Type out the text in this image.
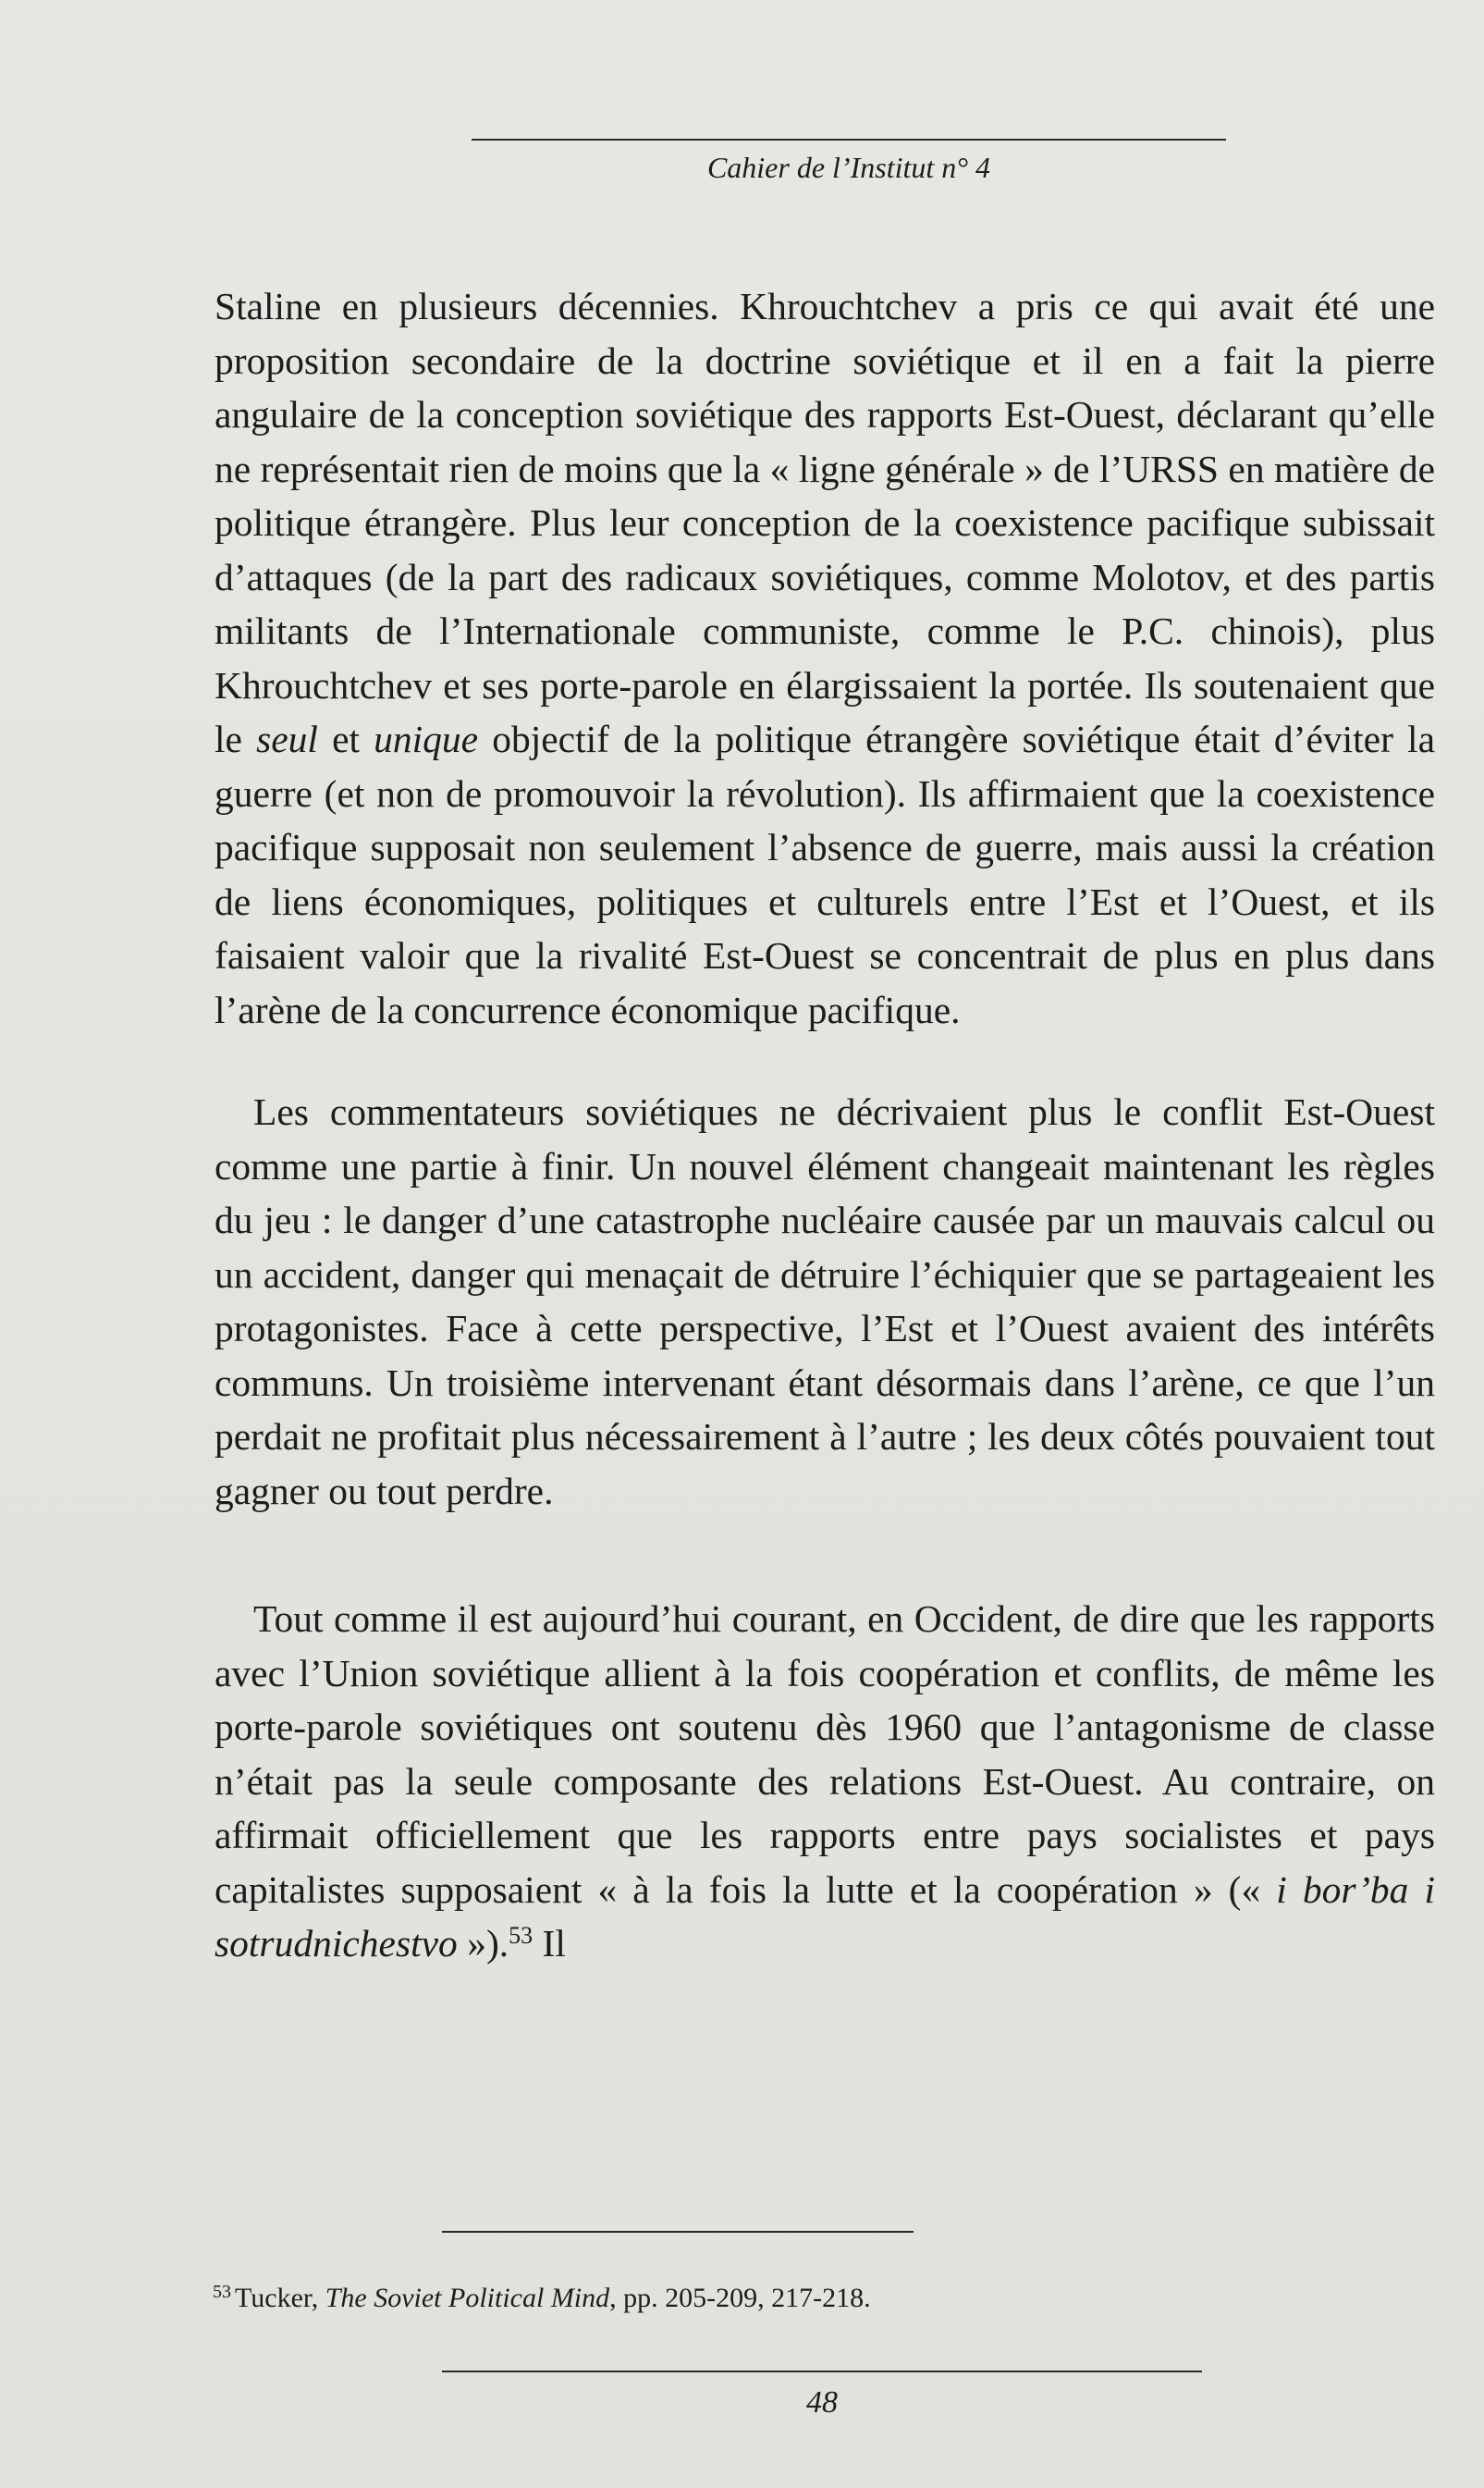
Cahier de l’Institut n° 4

Staline en plusieurs décennies. Khrouchtchev a pris ce qui avait été une proposition secondaire de la doctrine soviétique et il en a fait la pierre angulaire de la conception soviétique des rapports Est-Ouest, déclarant qu’elle ne représentait rien de moins que la « ligne générale » de l’URSS en matière de politique étrangère. Plus leur conception de la coexistence pacifique subissait d’attaques (de la part des radicaux soviétiques, comme Molotov, et des partis militants de l’Internationale communiste, comme le P.C. chinois), plus Khrouchtchev et ses porte-parole en élargissaient la portée. Ils soutenaient que le seul et unique objectif de la politique étrangère soviétique était d’éviter la guerre (et non de promouvoir la révolution). Ils affirmaient que la coexistence pacifique supposait non seulement l’absence de guerre, mais aussi la création de liens économiques, politiques et culturels entre l’Est et l’Ouest, et ils faisaient valoir que la rivalité Est-Ouest se concentrait de plus en plus dans l’arène de la concurrence économique pacifique.

Les commentateurs soviétiques ne décrivaient plus le conflit Est-Ouest comme une partie à finir. Un nouvel élément changeait maintenant les règles du jeu : le danger d’une catastrophe nucléaire causée par un mauvais calcul ou un accident, danger qui menaçait de détruire l’échiquier que se partageaient les protagonistes. Face à cette perspective, l’Est et l’Ouest avaient des intérêts communs. Un troisième intervenant étant désormais dans l’arène, ce que l’un perdait ne profitait plus nécessairement à l’autre ; les deux côtés pouvaient tout gagner ou tout perdre.

Tout comme il est aujourd’hui courant, en Occident, de dire que les rapports avec l’Union soviétique allient à la fois coopération et conflits, de même les porte-parole soviétiques ont soutenu dès 1960 que l’antagonisme de classe n’était pas la seule composante des relations Est-Ouest. Au contraire, on affirmait officiellement que les rapports entre pays socialistes et pays capitalistes supposaient « à la fois la lutte et la coopération » (« i bor’ba i sotrudnichestvo »).$^{53}$ Il

$^{53}$ Tucker, The Soviet Political Mind, pp. 205-209, 217-218.
48
